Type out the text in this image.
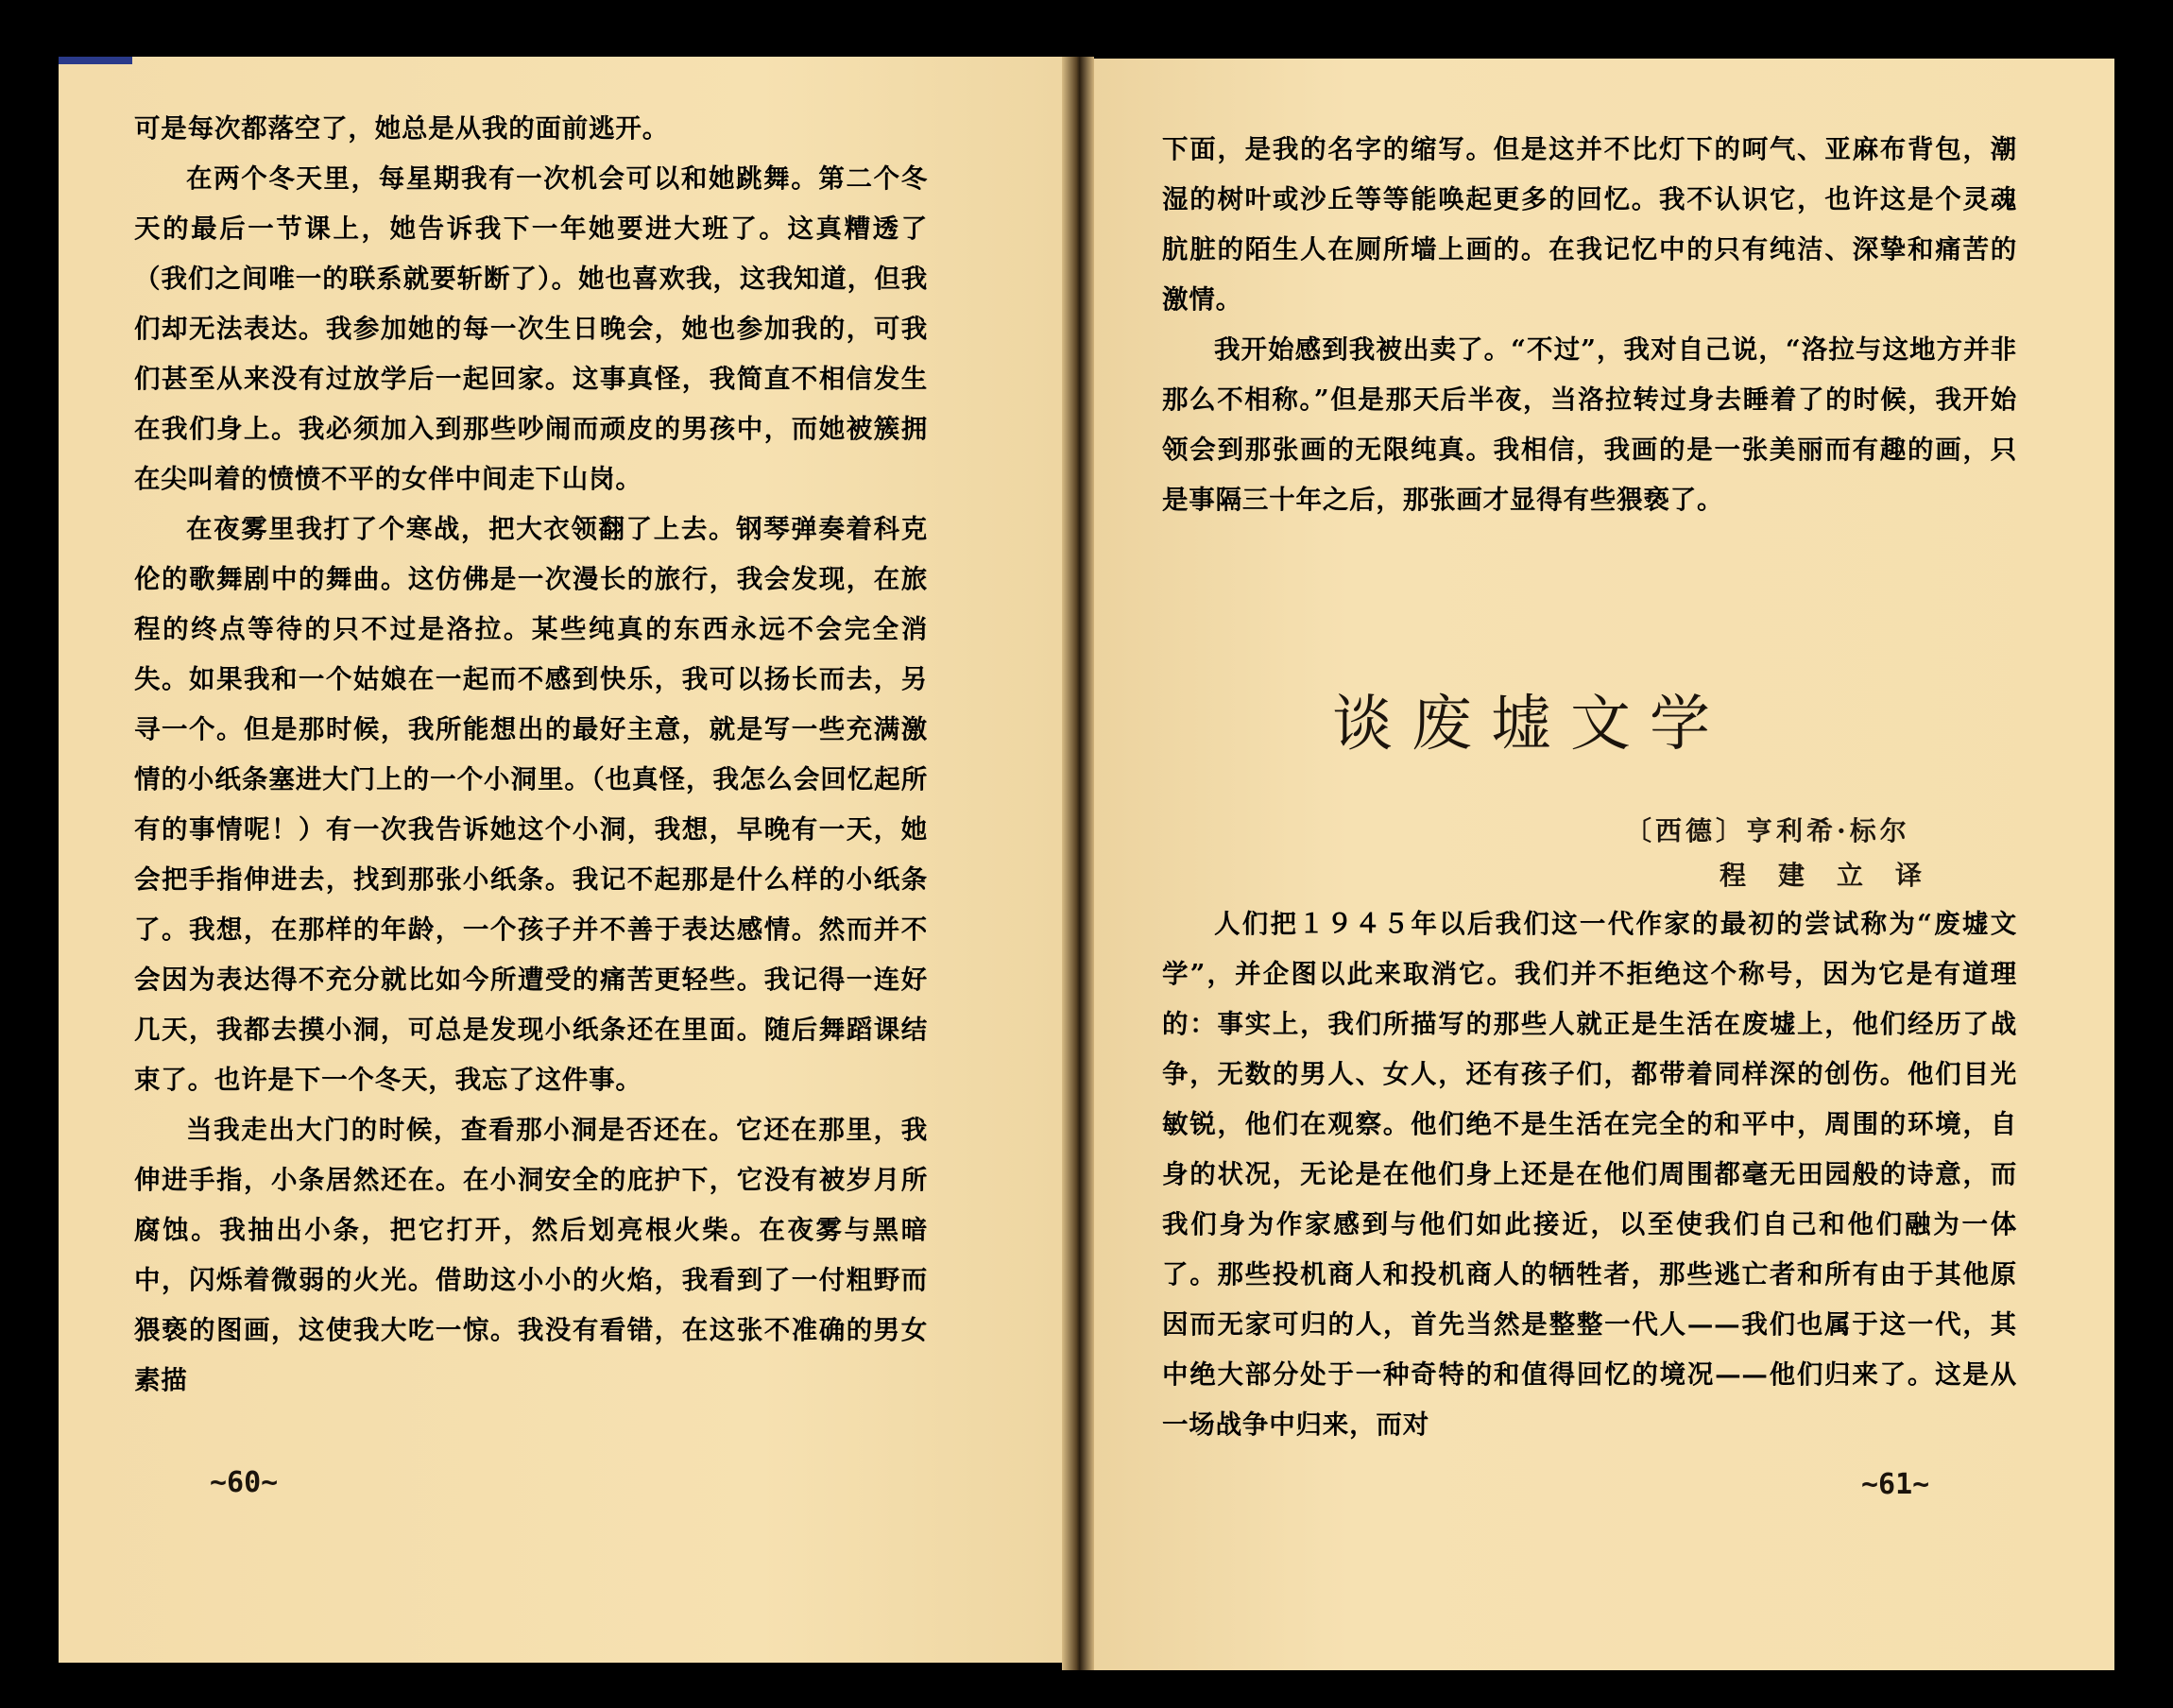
可是每次都落空了，她总是从我的面前逃开。

在两个冬天里，每星期我有一次机会可以和她跳舞。第二个冬天的最后一节课上，她告诉我下一年她要进大班了。这真糟透了（我们之间唯一的联系就要斩断了）。她也喜欢我，这我知道，但我们却无法表达。我参加她的每一次生日晚会，她也参加我的，可我们甚至从来没有过放学后一起回家。这事真怪，我简直不相信发生在我们身上。我必须加入到那些吵闹而顽皮的男孩中，而她被簇拥在尖叫着的愤愤不平的女伴中间走下山岗。

在夜雾里我打了个寒战，把大衣领翻了上去。钢琴弹奏着科克伦的歌舞剧中的舞曲。这仿佛是一次漫长的旅行，我会发现，在旅程的终点等待的只不过是洛拉。某些纯真的东西永远不会完全消失。如果我和一个姑娘在一起而不感到快乐，我可以扬长而去，另寻一个。但是那时候，我所能想出的最好主意，就是写一些充满激情的小纸条塞进大门上的一个小洞里。（也真怪，我怎么会回忆起所有的事情呢！）有一次我告诉她这个小洞，我想，早晚有一天，她会把手指伸进去，找到那张小纸条。我记不起那是什么样的小纸条了。我想，在那样的年龄，一个孩子并不善于表达感情。然而并不会因为表达得不充分就比如今所遭受的痛苦更轻些。我记得一连好几天，我都去摸小洞，可总是发现小纸条还在里面。随后舞蹈课结束了。也许是下一个冬天，我忘了这件事。

当我走出大门的时候，查看那小洞是否还在。它还在那里，我伸进手指，小条居然还在。在小洞安全的庇护下，它没有被岁月所腐蚀。我抽出小条，把它打开，然后划亮根火柴。在夜雾与黑暗中，闪烁着微弱的火光。借助这小小的火焰，我看到了一付粗野而猥亵的图画，这使我大吃一惊。我没有看错，在这张不准确的男女素描

~60~

下面，是我的名字的缩写。但是这并不比灯下的呵气、亚麻布背包，潮湿的树叶或沙丘等等能唤起更多的回忆。我不认识它，也许这是个灵魂肮脏的陌生人在厕所墙上画的。在我记忆中的只有纯洁、深挚和痛苦的激情。

我开始感到我被出卖了。“不过”，我对自己说，“洛拉与这地方并非那么不相称。”但是那天后半夜，当洛拉转过身去睡着了的时候，我开始领会到那张画的无限纯真。我相信，我画的是一张美丽而有趣的画，只是事隔三十年之后，那张画才显得有些猥亵了。

谈废墟文学
〔西德〕亨利希·标尔
程建立译

人们把１９４５年以后我们这一代作家的最初的尝试称为“废墟文学”，并企图以此来取消它。我们并不拒绝这个称号，因为它是有道理的：事实上，我们所描写的那些人就正是生活在废墟上，他们经历了战争，无数的男人、女人，还有孩子们，都带着同样深的创伤。他们目光敏锐，他们在观察。他们绝不是生活在完全的和平中，周围的环境，自身的状况，无论是在他们身上还是在他们周围都毫无田园般的诗意，而我们身为作家感到与他们如此接近，以至使我们自己和他们融为一体了。那些投机商人和投机商人的牺牲者，那些逃亡者和所有由于其他原因而无家可归的人，首先当然是整整一代人——我们也属于这一代，其中绝大部分处于一种奇特的和值得回忆的境况——他们归来了。这是从一场战争中归来，而对

~61~
